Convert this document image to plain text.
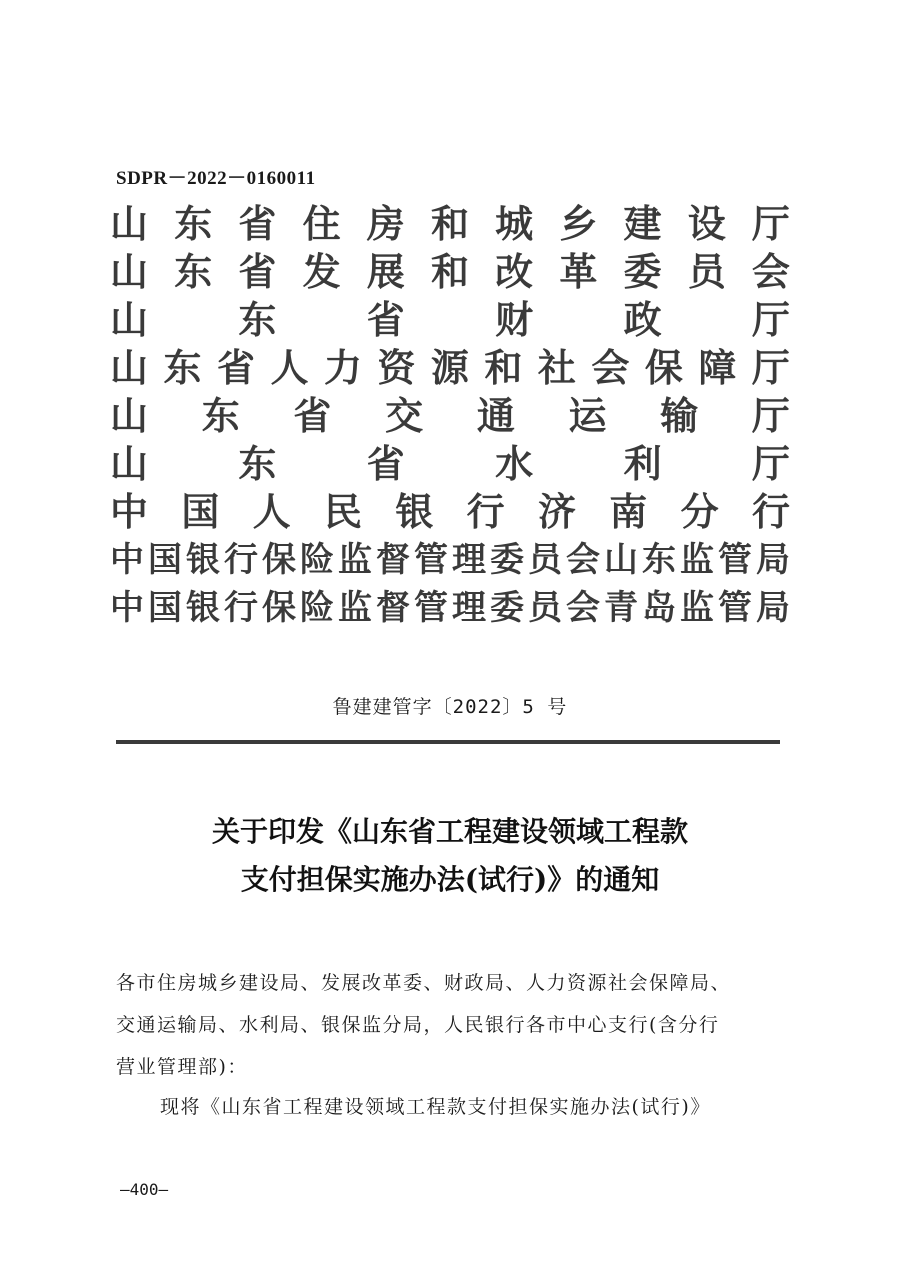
SDPR－2022－0160011
山 东 省 住 房 和 城 乡 建 设 厅
山 东 省 发 展 和 改 革 委 员 会
山 东 省 财 政 厅
山 东 省 人 力 资 源 和 社 会 保 障 厅
山 东 省 交 通 运 输 厅
山 东 省 水 利 厅
中 国 人 民 银 行 济 南 分 行
中 国 银 行 保 险 监 督 管 理 委 员 会 山 东 监 管 局
中 国 银 行 保 险 监 督 管 理 委 员 会 青 岛 监 管 局
鲁建建管字〔2022〕5 号
关于印发《山东省工程建设领域工程款
支付担保实施办法(试行)》的通知
各市住房城乡建设局、发展改革委、财政局、人力资源社会保障局、
交通运输局、水利局、银保监分局，人民银行各市中心支行(含分行
营业管理部)：
现将《山东省工程建设领域工程款支付担保实施办法(试行)》
—400—
